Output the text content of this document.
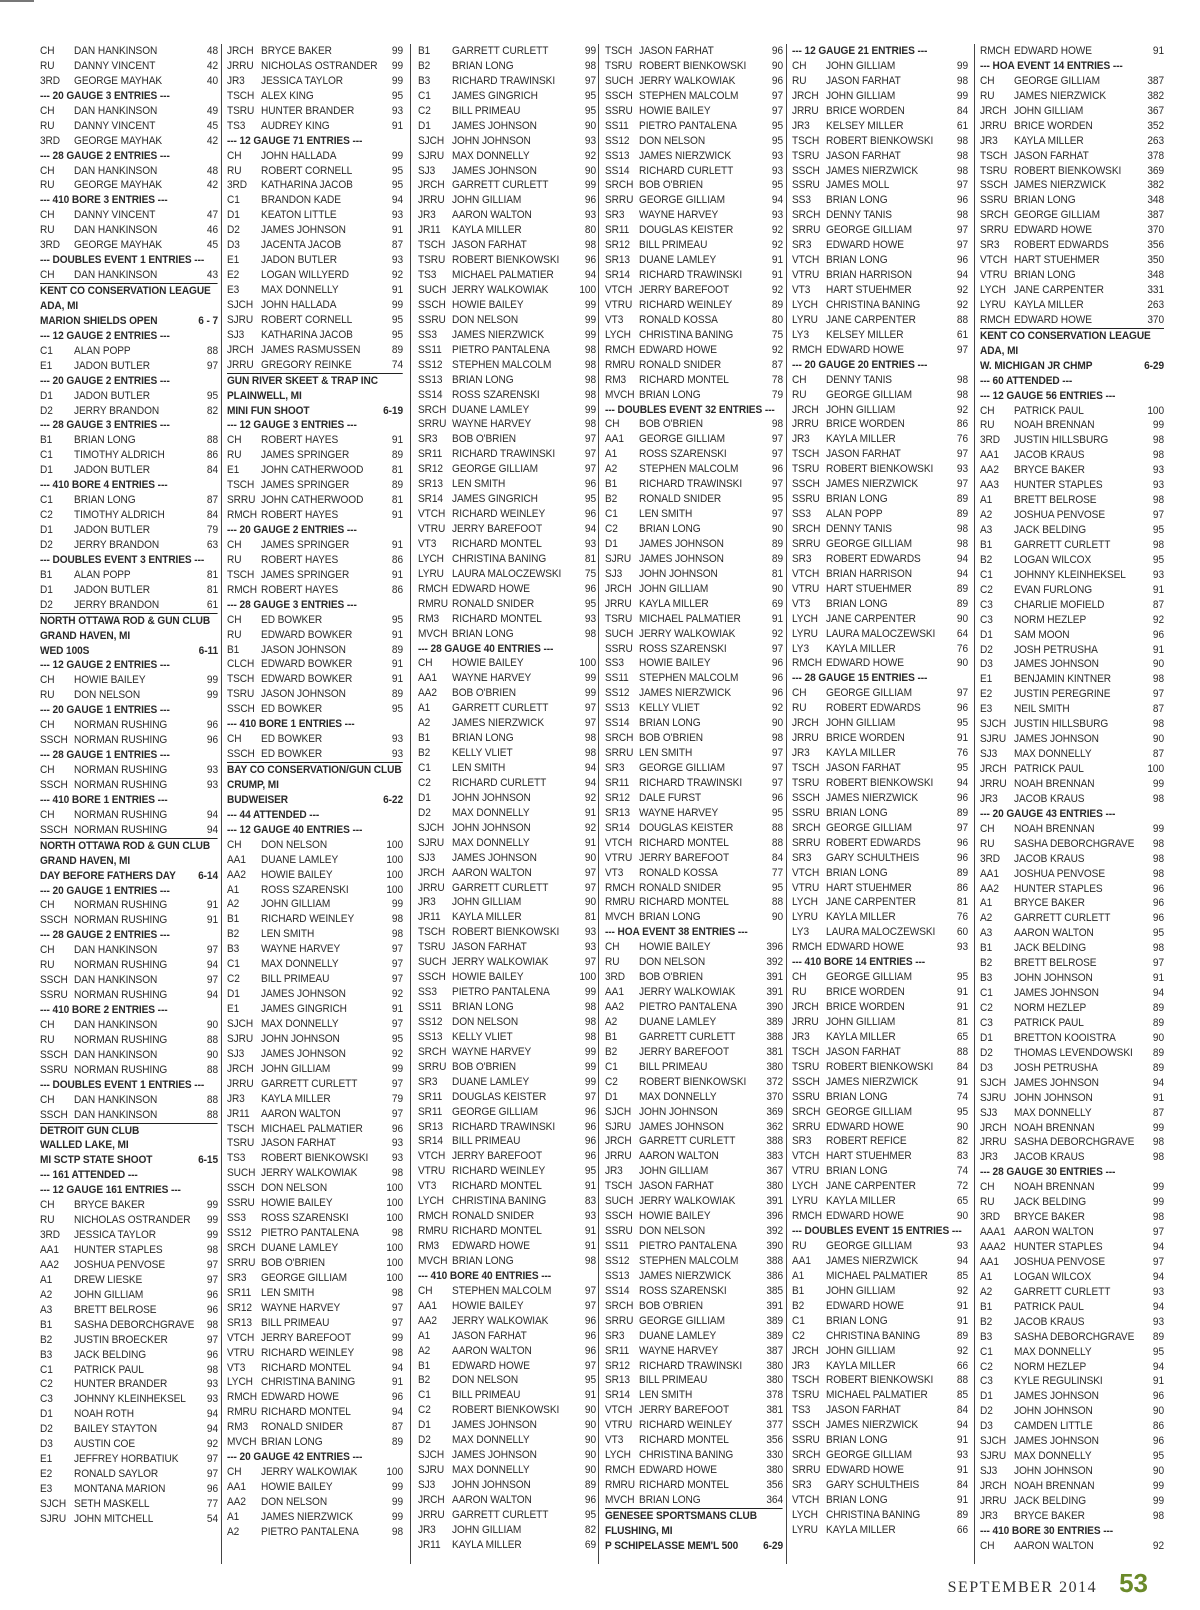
CH	DAN HANKINSON	48
RU	DANNY VINCENT	42
3RD	GEORGE MAYHAK	40
--- 20 GAUGE 3 ENTRIES ---
CH	DAN HANKINSON	49
RU	DANNY VINCENT	45
3RD	GEORGE MAYHAK	42
--- 28 GAUGE 2 ENTRIES ---
CH	DAN HANKINSON	48
RU	GEORGE MAYHAK	42
--- 410 BORE 3 ENTRIES ---
CH	DANNY VINCENT	47
RU	DAN HANKINSON	46
3RD	GEORGE MAYHAK	45
--- DOUBLES EVENT 1 ENTRIES ---
CH	DAN HANKINSON	43
KENT CO CONSERVATION LEAGUE
ADA, MI
MARION SHIELDS OPEN	6 - 7
--- 12 GAUGE 2 ENTRIES ---
C1	ALAN POPP	88
E1	JADON BUTLER	97
--- 20 GAUGE 2 ENTRIES ---
D1	JADON BUTLER	95
D2	JERRY BRANDON	82
--- 28 GAUGE 3 ENTRIES ---
B1	BRIAN LONG	88
C1	TIMOTHY ALDRICH	86
D1	JADON BUTLER	84
--- 410 BORE 4 ENTRIES ---
C1	BRIAN LONG	87
C2	TIMOTHY ALDRICH	84
D1	JADON BUTLER	79
D2	JERRY BRANDON	63
--- DOUBLES EVENT 3 ENTRIES ---
B1	ALAN POPP	81
D1	JADON BUTLER	81
D2	JERRY BRANDON	61
NORTH OTTAWA ROD & GUN CLUB
GRAND HAVEN, MI
WED 100S	6-11
--- 12 GAUGE 2 ENTRIES ---
CH	HOWIE BAILEY	99
RU	DON NELSON	99
--- 20 GAUGE 1 ENTRIES ---
CH	NORMAN RUSHING	96
SSCH NORMAN RUSHING	96
--- 28 GAUGE 1 ENTRIES ---
CH	NORMAN RUSHING	93
SSCH NORMAN RUSHING	93
--- 410 BORE 1 ENTRIES ---
CH	NORMAN RUSHING	94
SSCH NORMAN RUSHING	94
NORTH OTTAWA ROD & GUN CLUB
GRAND HAVEN, MI
DAY BEFORE FATHERS DAY	6-14
--- 20 GAUGE 1 ENTRIES ---
CH	NORMAN RUSHING	91
SSCH NORMAN RUSHING	91
--- 28 GAUGE 2 ENTRIES ---
CH	DAN HANKINSON	97
RU	NORMAN RUSHING	94
SSCH DAN HANKINSON	97
SSRU NORMAN RUSHING	94
--- 410 BORE 2 ENTRIES ---
CH	DAN HANKINSON	90
RU	NORMAN RUSHING	88
SSCH DAN HANKINSON	90
SSRU NORMAN RUSHING	88
--- DOUBLES EVENT 1 ENTRIES ---
CH	DAN HANKINSON	88
SSCH DAN HANKINSON	88
DETROIT GUN CLUB
WALLED LAKE, MI
MI SCTP STATE SHOOT	6-15
--- 161 ATTENDED ---
--- 12 GAUGE 161 ENTRIES ---
CH	BRYCE BAKER	99
RU	NICHOLAS OSTRANDER	99
3RD	JESSICA TAYLOR	99
AA1	HUNTER STAPLES	98
AA2	JOSHUA PENVOSE	97
A1	DREW LIESKE	97
A2	JOHN GILLIAM	96
A3	BRETT BELROSE	96
B1	SASHA DEBORCHGRAVE	98
B2	JUSTIN BROECKER	97
B3	JACK BELDING	96
C1	PATRICK PAUL	98
C2	HUNTER BRANDER	93
C3	JOHNNY KLEINHEKSEL	93
D1	NOAH ROTH	94
D2	BAILEY STAYTON	94
D3	AUSTIN COE	92
E1	JEFFREY HORBATIUK	97
E2	RONALD SAYLOR	97
E3	MONTANA MARION	96
SJCH SETH MASKELL	77
SJRU JOHN MITCHELL	54
JRCH BRYCE BAKER	99
JRRU NICHOLAS OSTRANDER	99
JR3	JESSICA TAYLOR	99
TSCH ALEX KING	95
TSRU HUNTER BRANDER	93
TS3	AUDREY KING	91
--- 12 GAUGE 71 ENTRIES ---
CH	JOHN HALLADA	99
RU	ROBERT CORNELL	95
3RD	KATHARINA JACOB	95
C1	BRANDON KADE	94
D1	KEATON LITTLE	93
D2	JAMES JOHNSON	91
D3	JACENTA JACOB	87
E1	JADON BUTLER	93
E2	LOGAN WILLYERD	92
E3	MAX DONNELLY	91
SJCH JOHN HALLADA	99
SJRU ROBERT CORNELL	95
SJ3	KATHARINA JACOB	95
JRCH JAMES RASMUSSEN	89
JRRU GREGORY REINKE	74
GUN RIVER SKEET & TRAP INC
PLAINWELL, MI
MINI FUN SHOOT	6-19
--- 12 GAUGE 3 ENTRIES ---
CH	ROBERT HAYES	91
RU	JAMES SPRINGER	89
E1	JOHN CATHERWOOD	81
TSCH JAMES SPRINGER	89
SRRU JOHN CATHERWOOD	81
RMCH ROBERT HAYES	91
--- 20 GAUGE 2 ENTRIES ---
CH	JAMES SPRINGER	91
RU	ROBERT HAYES	86
TSCH JAMES SPRINGER	91
RMCH ROBERT HAYES	86
--- 28 GAUGE 3 ENTRIES ---
CH	ED BOWKER	95
RU	EDWARD BOWKER	91
B1	JASON JOHNSON	89
CLCH EDWARD BOWKER	91
TSCH EDWARD BOWKER	91
TSRU JASON JOHNSON	89
SSCH ED BOWKER	95
--- 410 BORE 1 ENTRIES ---
CH	ED BOWKER	93
SSCH ED BOWKER	93
BAY CO CONSERVATION/GUN CLUB
CRUMP, MI
BUDWEISER	6-22
--- 44 ATTENDED ---
--- 12 GAUGE 40 ENTRIES ---
CH	DON NELSON	100
AA1	DUANE LAMLEY	100
AA2	HOWIE BAILEY	100
A1	ROSS SZARENSKI	100
A2	JOHN GILLIAM	99
B1	RICHARD WEINLEY	98
B2	LEN SMITH	98
B3	WAYNE HARVEY	97
C1	MAX DONNELLY	97
C2	BILL PRIMEAU	97
D1	JAMES JOHNSON	92
E1	JAMES GINGRICH	91
SJCH MAX DONNELLY	97
SJRU JOHN JOHNSON	95
SJ3	JAMES JOHNSON	92
JRCH JOHN GILLIAM	99
JRRU GARRETT CURLETT	97
JR3	KAYLA MILLER	79
JR11	AARON WALTON	97
TSCH MICHAEL PALMATIER	96
TSRU JASON FARHAT	93
TS3	ROBERT BIENKOWSKI	93
SUCH JERRY WALKOWIAK	98
SSCH DON NELSON	100
SSRU HOWIE BAILEY	100
SS3	ROSS SZARENSKI	100
SS12 PIETRO PANTALENA	98
SRCH DUANE LAMLEY	100
SRRU BOB O'BRIEN	100
SR3	GEORGE GILLIAM	100
SR11 LEN SMITH	98
SR12 WAYNE HARVEY	97
SR13 BILL PRIMEAU	97
VTCH JERRY BAREFOOT	99
VTRU RICHARD WEINLEY	98
VT3	RICHARD MONTEL	94
LYCH CHRISTINA BANING	91
RMCH EDWARD HOWE	96
RMRU RICHARD MONTEL	94
RM3	RONALD SNIDER	87
MVCH BRIAN LONG	89
--- 20 GAUGE 42 ENTRIES ---
CH	JERRY WALKOWIAK	100
AA1	HOWIE BAILEY	99
AA2	DON NELSON	99
A1	JAMES NIERZWICK	99
A2	PIETRO PANTALENA	98
B1	GARRETT CURLETT	99
B2	BRIAN LONG	98
B3	RICHARD TRAWINSKI	97
C1	JAMES GINGRICH	95
C2	BILL PRIMEAU	95
D1	JAMES JOHNSON	90
SJCH JOHN JOHNSON	93
SJRU MAX DONNELLY	92
SJ3	JAMES JOHNSON	90
JRCH GARRETT CURLETT	99
JRRU JOHN GILLIAM	96
JR3	AARON WALTON	93
JR11	KAYLA MILLER	80
TSCH JASON FARHAT	98
TSRU ROBERT BIENKOWSKI	96
TS3	MICHAEL PALMATIER	94
SUCH JERRY WALKOWIAK	100
SSCH HOWIE BAILEY	99
SSRU DON NELSON	99
SS3	JAMES NIERZWICK	99
SS11 PIETRO PANTALENA	98
SS12 STEPHEN MALCOLM	98
SS13 BRIAN LONG	98
SS14 ROSS SZARENSKI	98
SRCH DUANE LAMLEY	99
SRRU WAYNE HARVEY	98
SR3	BOB O'BRIEN	97
SR11 RICHARD TRAWINSKI	97
SR12 GEORGE GILLIAM	97
SR13 LEN SMITH	96
SR14 JAMES GINGRICH	95
VTCH RICHARD WEINLEY	96
VTRU JERRY BAREFOOT	94
VT3	RICHARD MONTEL	93
LYCH CHRISTINA BANING	81
LYRU LAURA MALOCZEWSKI	75
RMCH EDWARD HOWE	96
RMRU RONALD SNIDER	95
RM3	RICHARD MONTEL	93
MVCH BRIAN LONG	98
--- 28 GAUGE 40 ENTRIES ---
CH	HOWIE BAILEY	100
AA1	WAYNE HARVEY	99
AA2	BOB O'BRIEN	99
A1	GARRETT CURLETT	97
A2	JAMES NIERZWICK	97
B1	BRIAN LONG	98
B2	KELLY VLIET	98
C1	LEN SMITH	94
C2	RICHARD CURLETT	94
D1	JOHN JOHNSON	92
D2	MAX DONNELLY	91
SJCH JOHN JOHNSON	92
SJRU MAX DONNELLY	91
SJ3	JAMES JOHNSON	90
JRCH AARON WALTON	97
JRRU GARRETT CURLETT	97
JR3	JOHN GILLIAM	90
JR11	KAYLA MILLER	81
TSCH ROBERT BIENKOWSKI	93
TSRU JASON FARHAT	93
SUCH JERRY WALKOWIAK	97
SSCH HOWIE BAILEY	100
SS3	PIETRO PANTALENA	99
SS11 BRIAN LONG	98
SS12 DON NELSON	98
SS13 KELLY VLIET	98
SRCH WAYNE HARVEY	99
SRRU BOB O'BRIEN	99
SR3	DUANE LAMLEY	99
SR11 DOUGLAS KEISTER	97
SR11 GEORGE GILLIAM	96
SR13 RICHARD TRAWINSKI	96
SR14 BILL PRIMEAU	96
VTCH JERRY BAREFOOT	96
VTRU RICHARD WEINLEY	95
VT3	RICHARD MONTEL	91
LYCH CHRISTINA BANING	83
RMCH RONALD SNIDER	93
RMRU RICHARD MONTEL	91
RM3	EDWARD HOWE	91
MVCH BRIAN LONG	98
--- 410 BORE 40 ENTRIES ---
CH	STEPHEN MALCOLM	97
AA1	HOWIE BAILEY	97
AA2	JERRY WALKOWIAK	96
A1	JASON FARHAT	96
A2	AARON WALTON	96
B1	EDWARD HOWE	97
B2	DON NELSON	95
C1	BILL PRIMEAU	91
C2	ROBERT BIENKOWSKI	90
D1	JAMES JOHNSON	90
D2	MAX DONNELLY	90
SJCH JAMES JOHNSON	90
SJRU MAX DONNELLY	90
SJ3	JOHN JOHNSON	89
JRCH AARON WALTON	96
JRRU GARRETT CURLETT	95
JR3	JOHN GILLIAM	82
JR11	KAYLA MILLER	69
TSCH JASON FARHAT	96
TSRU ROBERT BIENKOWSKI	90
SUCH JERRY WALKOWIAK	96
SSCH STEPHEN MALCOLM	97
SSRU HOWIE BAILEY	97
SS11 PIETRO PANTALENA	95
SS12 DON NELSON	95
SS13 JAMES NIERZWICK	93
SS14 RICHARD CURLETT	93
SRCH BOB O'BRIEN	95
SRRU GEORGE GILLIAM	94
SR3	WAYNE HARVEY	93
SR11 DOUGLAS KEISTER	92
SR12 BILL PRIMEAU	92
SR13 DUANE LAMLEY	91
SR14 RICHARD TRAWINSKI	91
VTCH JERRY BAREFOOT	92
VTRU RICHARD WEINLEY	89
VT3	RONALD KOSSA	80
LYCH CHRISTINA BANING	75
RMCH EDWARD HOWE	92
RMRU RONALD SNIDER	87
RM3	RICHARD MONTEL	78
MVCH BRIAN LONG	79
--- DOUBLES EVENT 32 ENTRIES ---
CH	BOB O'BRIEN	98
AA1	GEORGE GILLIAM	97
A1	ROSS SZARENSKI	97
A2	STEPHEN MALCOLM	96
B1	RICHARD TRAWINSKI	97
B2	RONALD SNIDER	95
C1	LEN SMITH	97
C2	BRIAN LONG	90
D1	JAMES JOHNSON	89
SJRU JAMES JOHNSON	89
SJ3	JOHN JOHNSON	81
JRCH JOHN GILLIAM	90
JRRU KAYLA MILLER	69
TSRU MICHAEL PALMATIER	91
SUCH JERRY WALKOWIAK	92
SSRU ROSS SZARENSKI	97
SS3	HOWIE BAILEY	96
SS11 STEPHEN MALCOLM	96
SS12 JAMES NIERZWICK	96
SS13 KELLY VLIET	92
SS14 BRIAN LONG	90
SRCH BOB O'BRIEN	98
SRRU LEN SMITH	97
SR3	GEORGE GILLIAM	97
SR11 RICHARD TRAWINSKI	97
SR12 DALE FURST	96
SR13 WAYNE HARVEY	95
SR14 DOUGLAS KEISTER	88
VTCH RICHARD MONTEL	88
VTRU JERRY BAREFOOT	84
VT3	RONALD KOSSA	77
RMCH RONALD SNIDER	95
RMRU RICHARD MONTEL	88
MVCH BRIAN LONG	90
--- HOA EVENT 38 ENTRIES ---
CH	HOWIE BAILEY	396
RU	DON NELSON	392
3RD	BOB O'BRIEN	391
AA1	JERRY WALKOWIAK	391
AA2	PIETRO PANTALENA	390
A2	DUANE LAMLEY	389
B1	GARRETT CURLETT	388
B2	JERRY BAREFOOT	381
C1	BILL PRIMEAU	380
C2	ROBERT BIENKOWSKI	372
D1	MAX DONNELLY	370
SJCH JOHN JOHNSON	369
SJRU JAMES JOHNSON	362
JRCH GARRETT CURLETT	388
JRRU AARON WALTON	383
JR3	JOHN GILLIAM	367
TSCH JASON FARHAT	380
SUCH JERRY WALKOWIAK	391
SSCH HOWIE BAILEY	396
SSRU DON NELSON	392
SS11 PIETRO PANTALENA	390
SS12 STEPHEN MALCOLM	388
SS13 JAMES NIERZWICK	386
SS14 ROSS SZARENSKI	385
SRCH BOB O'BRIEN	391
SRRU GEORGE GILLIAM	389
SR3	DUANE LAMLEY	389
SR11 WAYNE HARVEY	387
SR12 RICHARD TRAWINSKI	380
SR13 BILL PRIMEAU	380
SR14 LEN SMITH	378
VTCH JERRY BAREFOOT	381
VTRU RICHARD WEINLEY	377
VT3	RICHARD MONTEL	356
LYCH CHRISTINA BANING	330
RMCH EDWARD HOWE	380
RMRU RICHARD MONTEL	356
MVCH BRIAN LONG	364
GENESEE SPORTSMANS CLUB
FLUSHING, MI
P SCHIPELASSE MEM'L 500	6-29
--- 12 GAUGE 21 ENTRIES ---
CH	JOHN GILLIAM	99
RU	JASON FARHAT	98
JRCH JOHN GILLIAM	99
JRRU BRICE WORDEN	84
JR3	KELSEY MILLER	61
TSCH ROBERT BIENKOWSKI	98
TSRU JASON FARHAT	98
SSCH JAMES NIERZWICK	98
SSRU JAMES MOLL	97
SS3	BRIAN LONG	96
SRCH DENNY TANIS	98
SRRU GEORGE GILLIAM	97
SR3	EDWARD HOWE	97
VTCH BRIAN LONG	96
VTRU BRIAN HARRISON	94
VT3	HART STUEHMER	92
LYCH CHRISTINA BANING	92
LYRU JANE CARPENTER	88
LY3	KELSEY MILLER	61
RMCH EDWARD HOWE	97
--- 20 GAUGE 20 ENTRIES ---
CH	DENNY TANIS	98
RU	GEORGE GILLIAM	98
JRCH JOHN GILLIAM	92
JRRU BRICE WORDEN	86
JR3	KAYLA MILLER	76
TSCH JASON FARHAT	97
TSRU ROBERT BIENKOWSKI	93
SSCH JAMES NIERZWICK	97
SSRU BRIAN LONG	89
SS3	ALAN POPP	89
SRCH DENNY TANIS	98
SRRU GEORGE GILLIAM	98
SR3	ROBERT EDWARDS	94
VTCH BRIAN HARRISON	94
VTRU HART STUEHMER	89
VT3	BRIAN LONG	89
LYCH JANE CARPENTER	90
LYRU LAURA MALOCZEWSKI	64
LY3	KAYLA MILLER	76
RMCH EDWARD HOWE	90
--- 28 GAUGE 15 ENTRIES ---
CH	GEORGE GILLIAM	97
RU	ROBERT EDWARDS	96
JRCH JOHN GILLIAM	95
JRRU BRICE WORDEN	91
JR3	KAYLA MILLER	76
TSCH JASON FARHAT	95
TSRU ROBERT BIENKOWSKI	94
SSCH JAMES NIERZWICK	96
SSRU BRIAN LONG	89
SRCH GEORGE GILLIAM	97
SRRU ROBERT EDWARDS	96
SR3	GARY SCHULTHEIS	96
VTCH BRIAN LONG	89
VTRU HART STUEHMER	86
LYCH JANE CARPENTER	81
LYRU KAYLA MILLER	76
LY3	LAURA MALOCZEWSKI	60
RMCH EDWARD HOWE	93
--- 410 BORE 14 ENTRIES ---
CH	GEORGE GILLIAM	95
RU	BRICE WORDEN	91
JRCH BRICE WORDEN	91
JRRU JOHN GILLIAM	81
JR3	KAYLA MILLER	65
TSCH JASON FARHAT	88
TSRU ROBERT BIENKOWSKI	84
SSCH JAMES NIERZWICK	91
SSRU BRIAN LONG	74
SRCH GEORGE GILLIAM	95
SRRU EDWARD HOWE	90
SR3	ROBERT REFICE	82
VTCH HART STUEHMER	83
VTRU BRIAN LONG	74
LYCH JANE CARPENTER	72
LYRU KAYLA MILLER	65
RMCH EDWARD HOWE	90
--- DOUBLES EVENT 15 ENTRIES ---
RU	GEORGE GILLIAM	93
AA1	JAMES NIERZWICK	94
A1	MICHAEL PALMATIER	85
B1	JOHN GILLIAM	92
B2	EDWARD HOWE	91
C1	BRIAN LONG	91
C2	CHRISTINA BANING	89
JRCH JOHN GILLIAM	92
JR3	KAYLA MILLER	66
TSCH ROBERT BIENKOWSKI	88
TSRU MICHAEL PALMATIER	85
TS3	JASON FARHAT	84
SSCH JAMES NIERZWICK	94
SSRU BRIAN LONG	91
SRCH GEORGE GILLIAM	93
SRRU EDWARD HOWE	91
SR3	GARY SCHULTHEIS	84
VTCH BRIAN LONG	91
LYCH CHRISTINA BANING	89
LYRU KAYLA MILLER	66
RMCH EDWARD HOWE	91
--- HOA EVENT 14 ENTRIES ---
CH	GEORGE GILLIAM	387
RU	JAMES NIERZWICK	382
JRCH JOHN GILLIAM	367
JRRU BRICE WORDEN	352
JR3	KAYLA MILLER	263
TSCH JASON FARHAT	378
TSRU ROBERT BIENKOWSKI	369
SSCH JAMES NIERZWICK	382
SSRU BRIAN LONG	348
SRCH GEORGE GILLIAM	387
SRRU EDWARD HOWE	370
SR3	ROBERT EDWARDS	356
VTCH HART STUEHMER	350
VTRU BRIAN LONG	348
LYCH JANE CARPENTER	331
LYRU KAYLA MILLER	263
RMCH EDWARD HOWE	370
KENT CO CONSERVATION LEAGUE
ADA, MI
W. MICHIGAN JR CHMP	6-29
--- 60 ATTENDED ---
--- 12 GAUGE 56 ENTRIES ---
CH	PATRICK PAUL	100
RU	NOAH BRENNAN	99
3RD	JUSTIN HILLSBURG	98
AA1	JACOB KRAUS	98
AA2	BRYCE BAKER	93
AA3	HUNTER STAPLES	93
A1	BRETT BELROSE	98
A2	JOSHUA PENVOSE	97
A3	JACK BELDING	95
B1	GARRETT CURLETT	98
B2	LOGAN WILCOX	95
C1	JOHNNY KLEINHEKSEL	93
C2	EVAN FURLONG	91
C3	CHARLIE MOFIELD	87
C3	NORM HEZLEP	92
D1	SAM MOON	96
D2	JOSH PETRUSHA	91
D3	JAMES JOHNSON	90
E1	BENJAMIN KINTNER	98
E2	JUSTIN PEREGRINE	97
E3	NEIL SMITH	87
SJCH JUSTIN HILLSBURG	98
SJRU JAMES JOHNSON	90
SJ3	MAX DONNELLY	87
JRCH PATRICK PAUL	100
JRRU NOAH BRENNAN	99
JR3	JACOB KRAUS	98
--- 20 GAUGE 43 ENTRIES ---
CH	NOAH BRENNAN	99
RU	SASHA DEBORCHGRAVE	98
3RD	JACOB KRAUS	98
AA1	JOSHUA PENVOSE	98
AA2	HUNTER STAPLES	96
A1	BRYCE BAKER	96
A2	GARRETT CURLETT	96
A3	AARON WALTON	95
B1	JACK BELDING	98
B2	BRETT BELROSE	97
B3	JOHN JOHNSON	91
C1	JAMES JOHNSON	94
C2	NORM HEZLEP	89
C3	PATRICK PAUL	89
D1	BRETTON KOOISTRA	90
D2	THOMAS LEVENDOWSKI	89
D3	JOSH PETRUSHA	89
SJCH JAMES JOHNSON	94
SJRU JOHN JOHNSON	91
SJ3	MAX DONNELLY	87
JRCH NOAH BRENNAN	99
JRRU SASHA DEBORCHGRAVE	98
JR3	JACOB KRAUS	98
--- 28 GAUGE 30 ENTRIES ---
CH	NOAH BRENNAN	99
RU	JACK BELDING	99
3RD	BRYCE BAKER	98
AAA1 AARON WALTON	97
AAA2 HUNTER STAPLES	94
AA1	JOSHUA PENVOSE	97
A1	LOGAN WILCOX	94
A2	GARRETT CURLETT	93
B1	PATRICK PAUL	94
B2	JACOB KRAUS	93
B3	SASHA DEBORCHGRAVE	89
C1	MAX DONNELLY	95
C2	NORM HEZLEP	94
C3	KYLE REGULINSKI	91
D1	JAMES JOHNSON	96
D2	JOHN JOHNSON	90
D3	CAMDEN LITTLE	86
SJCH JAMES JOHNSON	96
SJRU MAX DONNELLY	95
SJ3	JOHN JOHNSON	90
JRCH NOAH BRENNAN	99
JRRU JACK BELDING	99
JR3	BRYCE BAKER	98
--- 410 BORE 30 ENTRIES ---
CH	AARON WALTON	92
SEPTEMBER 2014 53
